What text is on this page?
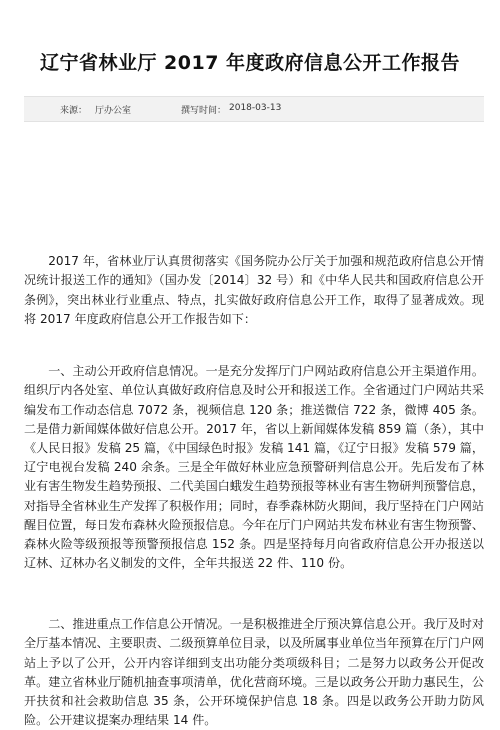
辽宁省林业厅 2017 年度政府信息公开工作报告
来源： 厅办公室	撰写时间： 2018-03-13

2017 年，省林业厅认真贯彻落实《国务院办公厅关于加强和规范政府信息公开情况统计报送工作的通知》（国办发〔2014〕32 号）和《中华人民共和国政府信息公开条例》，突出林业行业重点、特点，扎实做好政府信息公开工作，取得了显著成效。现将 2017 年度政府信息公开工作报告如下：

一、主动公开政府信息情况。一是充分发挥厅门户网站政府信息公开主渠道作用。组织厅内各处室、单位认真做好政府信息及时公开和报送工作。全省通过门户网站共采编发布工作动态信息 7072 条，视频信息 120 条；推送微信 722 条，微博 405 条。二是借力新闻媒体做好信息公开。2017 年，省以上新闻媒体发稿 859 篇（条），其中《人民日报》发稿 25 篇，《中国绿色时报》发稿 141 篇，《辽宁日报》发稿 579 篇，辽宁电视台发稿 240 余条。三是全年做好林业应急预警研判信息公开。先后发布了林业有害生物发生趋势预报、二代美国白蛾发生趋势预报等林业有害生物研判预警信息，对指导全省林业生产发挥了积极作用；同时，春季森林防火期间，我厅坚持在门户网站醒目位置，每日发布森林火险预报信息。今年在厅门户网站共发布林业有害生物预警、森林火险等级预报等预警预报信息 152 条。四是坚持每月向省政府信息公开办报送以辽林、辽林办名义制发的文件，全年共报送 22 件、110 份。

二、推进重点工作信息公开情况。一是积极推进全厅预决算信息公开。我厅及时对全厅基本情况、主要职责、二级预算单位目录，以及所属事业单位当年预算在厅门户网站上予以了公开，公开内容详细到支出功能分类项级科目；二是努力以政务公开促改革。建立省林业厅随机抽查事项清单，优化营商环境。三是以政务公开助力惠民生，公开扶贫和社会救助信息 35 条，公开环境保护信息 18 条。四是以政务公开助力防风险。公开建议提案办理结果 14 件。
